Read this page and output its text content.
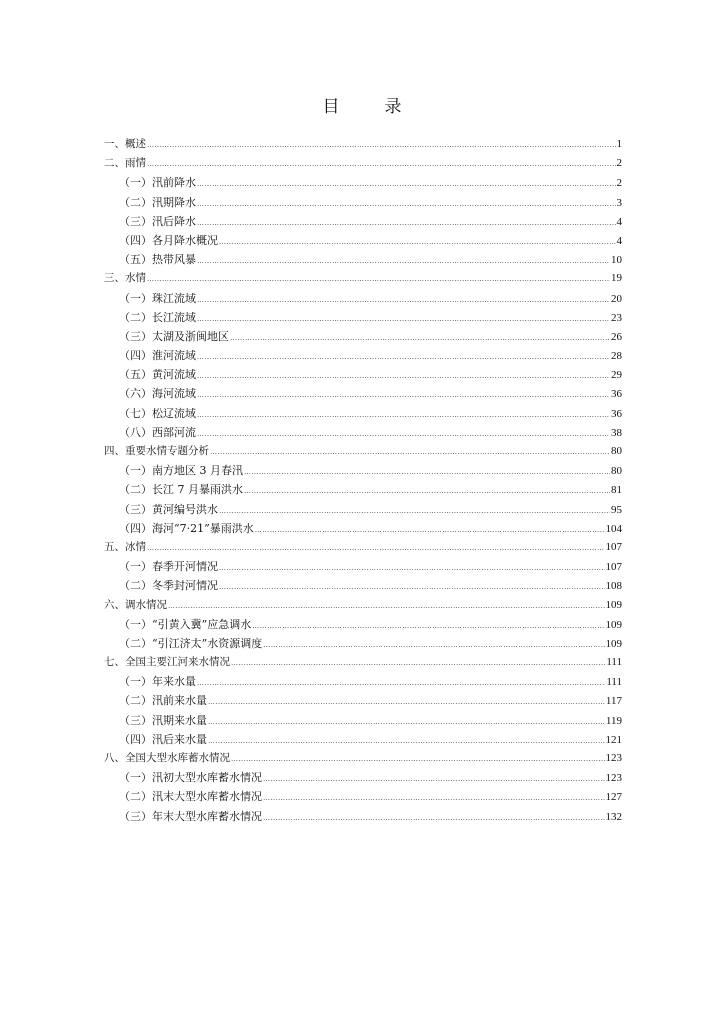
目　录
一、概述 ……………………………………………………………………………………………………………………………………………………………………………………………………………………………	1
二、雨情 ……………………………………………………………………………………………………………………………………………………………………………………………………………………………	2
（一）汛前降水 ……………………………………………………………………………………………………………………………………………………………………………………………………………………………	2
（二）汛期降水 ……………………………………………………………………………………………………………………………………………………………………………………………………………………………	3
（三）汛后降水 ……………………………………………………………………………………………………………………………………………………………………………………………………………………………	4
（四）各月降水概况 ……………………………………………………………………………………………………………………………………………………………………………………………………………………………	4
（五）热带风暴 ……………………………………………………………………………………………………………………………………………………………………………………………………………………………	10
三、水情 ……………………………………………………………………………………………………………………………………………………………………………………………………………………………	19
（一）珠江流域 ……………………………………………………………………………………………………………………………………………………………………………………………………………………………	20
（二）长江流域 ……………………………………………………………………………………………………………………………………………………………………………………………………………………………	23
（三）太湖及浙闽地区 ……………………………………………………………………………………………………………………………………………………………………………………………………………………………	26
（四）淮河流域 ……………………………………………………………………………………………………………………………………………………………………………………………………………………………	28
（五）黄河流域 ……………………………………………………………………………………………………………………………………………………………………………………………………………………………	29
（六）海河流域 ……………………………………………………………………………………………………………………………………………………………………………………………………………………………	36
（七）松辽流域 ……………………………………………………………………………………………………………………………………………………………………………………………………………………………	36
（八）西部河流 ……………………………………………………………………………………………………………………………………………………………………………………………………………………………	38
四、重要水情专题分析 ……………………………………………………………………………………………………………………………………………………………………………………………………………………………	80
（一）南方地区 3 月春汛 ……………………………………………………………………………………………………………………………………………………………………………………………………………………………	80
（二）长江 7 月暴雨洪水 ……………………………………………………………………………………………………………………………………………………………………………………………………………………………	81
（三）黄河编号洪水 ……………………………………………………………………………………………………………………………………………………………………………………………………………………………	95
（四）海河“7·21”暴雨洪水 ……………………………………………………………………………………………………………………………………………………………………………………………………………………………	104
五、冰情 ……………………………………………………………………………………………………………………………………………………………………………………………………………………………	107
（一）春季开河情况 ……………………………………………………………………………………………………………………………………………………………………………………………………………………………	107
（二）冬季封河情况 ……………………………………………………………………………………………………………………………………………………………………………………………………………………………	108
六、调水情况 ……………………………………………………………………………………………………………………………………………………………………………………………………………………………	109
（一）“引黄入冀”应急调水 ……………………………………………………………………………………………………………………………………………………………………………………………………………………………	109
（二）“引江济太”水资源调度 ……………………………………………………………………………………………………………………………………………………………………………………………………………………………	109
七、全国主要江河来水情况 ……………………………………………………………………………………………………………………………………………………………………………………………………………………………	111
（一）年来水量 ……………………………………………………………………………………………………………………………………………………………………………………………………………………………	111
（二）汛前来水量 ……………………………………………………………………………………………………………………………………………………………………………………………………………………………	117
（三）汛期来水量 ……………………………………………………………………………………………………………………………………………………………………………………………………………………………	119
（四）汛后来水量 ……………………………………………………………………………………………………………………………………………………………………………………………………………………………	121
八、全国大型水库蓄水情况 ……………………………………………………………………………………………………………………………………………………………………………………………………………………………	123
（一）汛初大型水库蓄水情况 ……………………………………………………………………………………………………………………………………………………………………………………………………………………………	123
（二）汛末大型水库蓄水情况 ……………………………………………………………………………………………………………………………………………………………………………………………………………………………	127
（三）年末大型水库蓄水情况 ……………………………………………………………………………………………………………………………………………………………………………………………………………………………	132
